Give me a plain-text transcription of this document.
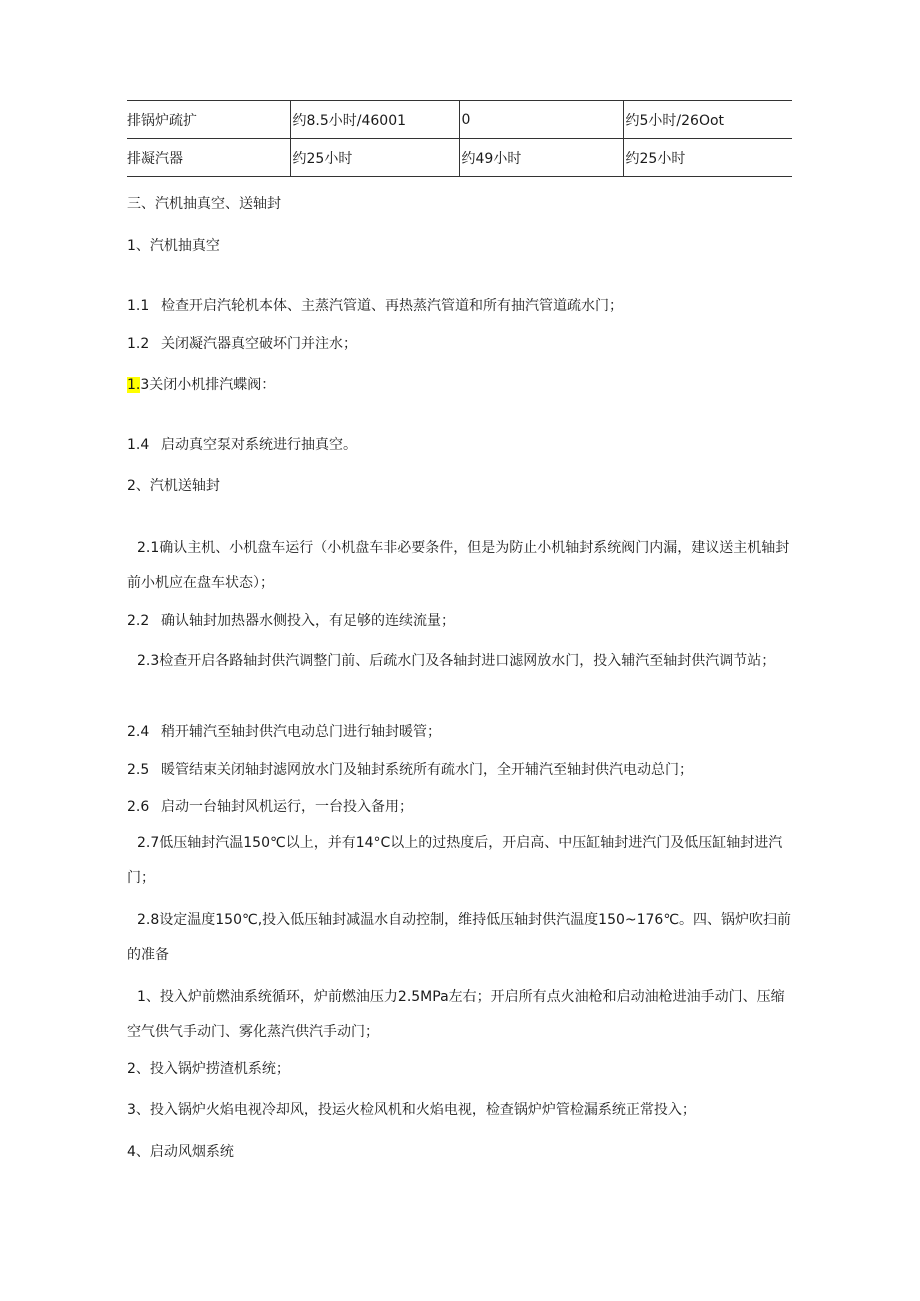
排锅炉疏扩	约8.5小时/46001	0	约5小时/26Oot
排凝汽器	约25小时	约49小时	约25小时

三、汽机抽真空、送轴封

1、汽机抽真空

1.1 检查开启汽轮机本体、主蒸汽管道、再热蒸汽管道和所有抽汽管道疏水门；

1.2 关闭凝汽器真空破坏门并注水；

1.3关闭小机排汽蝶阀：

1.4 启动真空泵对系统进行抽真空。

2、汽机送轴封

2.1确认主机、小机盘车运行（小机盘车非必要条件，但是为防止小机轴封系统阀门内漏，建议送主机轴封前小机应在盘车状态）；

2.2 确认轴封加热器水侧投入，有足够的连续流量；

2.3检查开启各路轴封供汽调整门前、后疏水门及各轴封进口滤网放水门，投入辅汽至轴封供汽调节站；

2.4 稍开辅汽至轴封供汽电动总门进行轴封暖管；

2.5 暖管结束关闭轴封滤网放水门及轴封系统所有疏水门，全开辅汽至轴封供汽电动总门；

2.6 启动一台轴封风机运行，一台投入备用；

2.7低压轴封汽温150℃以上，并有14°C以上的过热度后，开启高、中压缸轴封进汽门及低压缸轴封进汽门；

2.8设定温度150℃,投入低压轴封减温水自动控制，维持低压轴封供汽温度150~176℃。四、锅炉吹扫前的准备

1、投入炉前燃油系统循环，炉前燃油压力2.5MPa左右；开启所有点火油枪和启动油枪进油手动门、压缩空气供气手动门、雾化蒸汽供汽手动门；

2、投入锅炉捞渣机系统；

3、投入锅炉火焰电视冷却风，投运火检风机和火焰电视，检查锅炉炉管检漏系统正常投入；

4、启动风烟系统
